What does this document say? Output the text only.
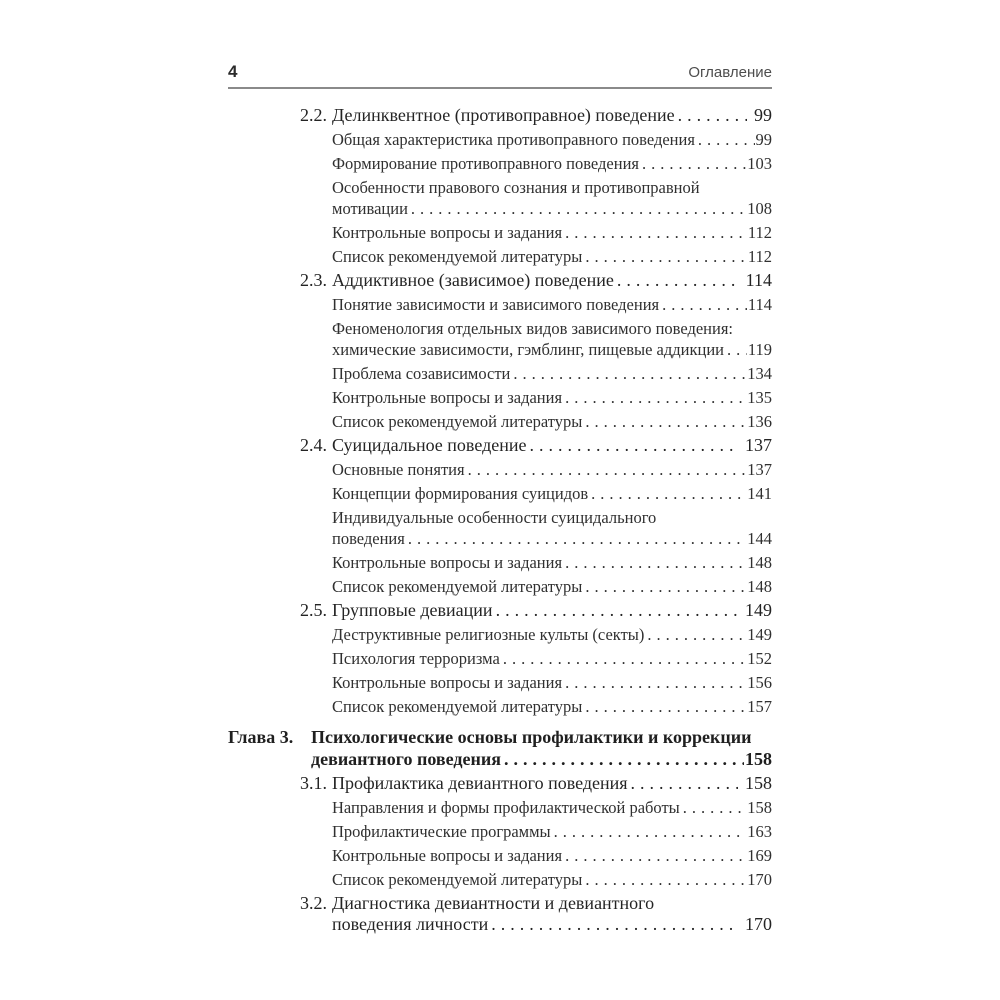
4	Оглавление
2.2. Делинквентное (противоправное) поведение .....	99
Общая характеристика противоправного поведения .....	99
Формирование противоправного поведения .....	103
Особенности правового сознания и противоправной
мотивации .....	108
Контрольные вопросы и задания .....	112
Список рекомендуемой литературы .....	112
2.3. Аддиктивное (зависимое) поведение .....	114
Понятие зависимости и зависимого поведения .....	114
Феноменология отдельных видов зависимого поведения:
химические зависимости, гэмблинг, пищевые аддикции ..... 119
Проблема созависимости .....	134
Контрольные вопросы и задания .....	135
Список рекомендуемой литературы .....	136
2.4. Суицидальное поведение .....	137
Основные понятия .....	137
Концепции формирования суицидов .....	141
Индивидуальные особенности суицидального
поведения .....	144
Контрольные вопросы и задания .....	148
Список рекомендуемой литературы .....	148
2.5. Групповые девиации .....	149
Деструктивные религиозные культы (секты) .....	149
Психология терроризма .....	152
Контрольные вопросы и задания .....	156
Список рекомендуемой литературы .....	157
Глава 3. Психологические основы профилактики и коррекции
девиантного поведения .....	158
3.1. Профилактика девиантного поведения .....	158
Направления и формы профилактической работы .....	158
Профилактические программы .....	163
Контрольные вопросы и задания .....	169
Список рекомендуемой литературы .....	170
3.2. Диагностика девиантности и девиантного
поведения личности .....	170
